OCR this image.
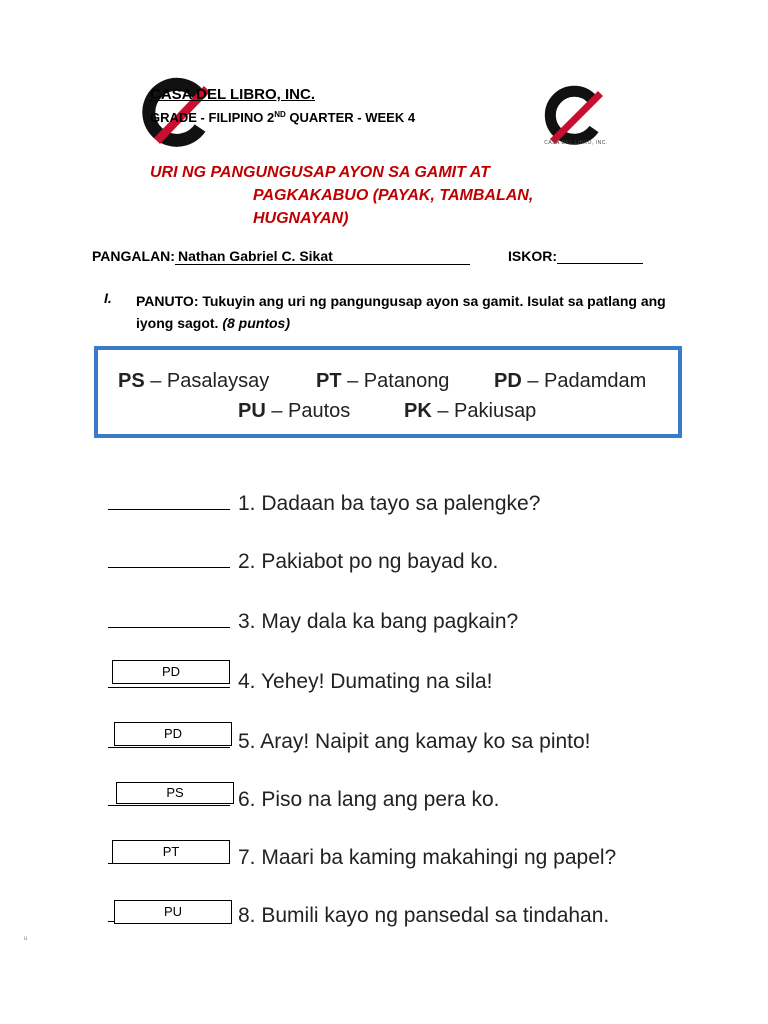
CASA DEL LIBRO, INC.
CASA DEL LIBRO, INC.
GRADE - FILIPINO 2ND QUARTER - WEEK 4
URI NG PANGUNGUSAP AYON SA GAMIT AT
PAGKAKABUO (PAYAK, TAMBALAN,
HUGNAYAN)
PANGALAN:Nathan Gabriel C. Sikat	ISKOR:
I. PANUTO: Tukuyin ang uri ng pangungusap ayon sa gamit. Isulat sa patlang ang iyong sagot. (8 puntos)
PS – Pasalaysay PT – Patanong PD – Padamdam
PU – Pautos	PK – Pakiusap
1. Dadaan ba tayo sa palengke?
2. Pakiabot po ng bayad ko.
3. May dala ka bang pagkain?
4. Yehey! Dumating na sila!
5. Aray! Naipit ang kamay ko sa pinto!
6. Piso na lang ang pera ko.
7. Maari ba kaming makahingi ng papel?
8. Bumili kayo ng pansedal sa tindahan.
PD
PD
PS
PT
PU
u
